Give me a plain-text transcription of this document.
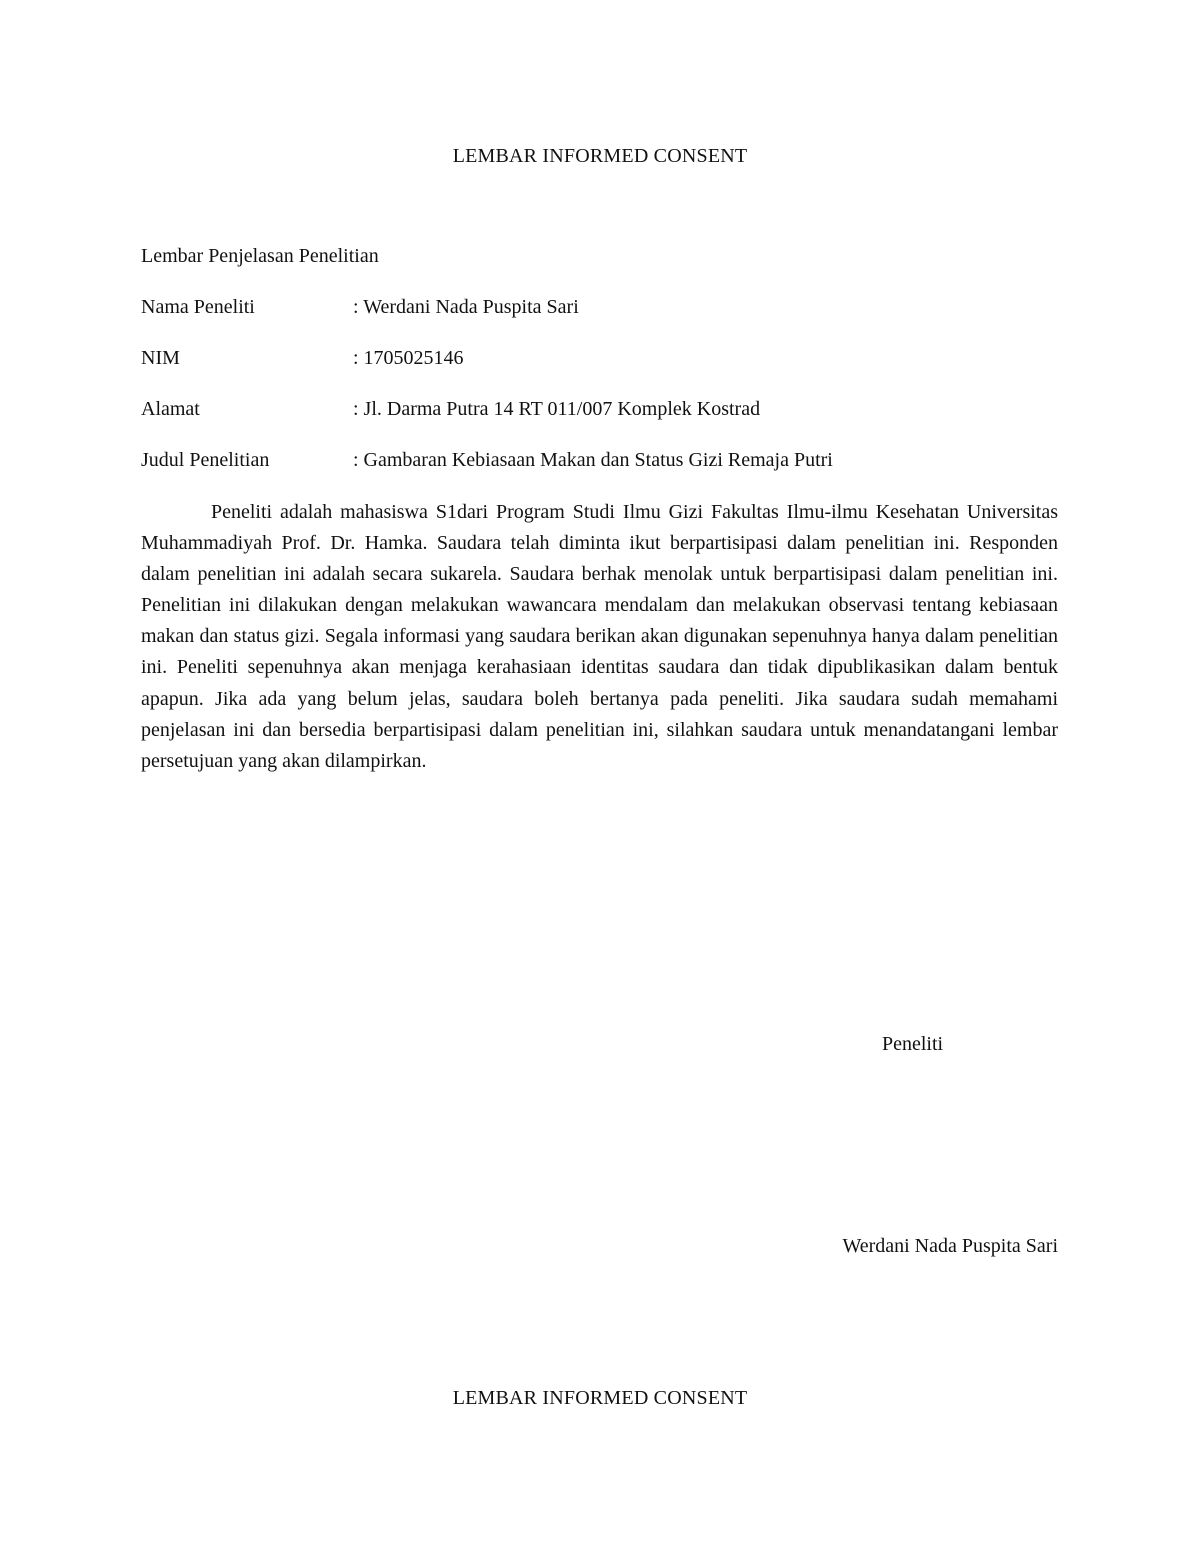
LEMBAR INFORMED CONSENT
Lembar Penjelasan Penelitian
Nama Peneliti	: Werdani Nada Puspita Sari
NIM	: 1705025146
Alamat	: Jl. Darma Putra 14 RT 011/007 Komplek Kostrad
Judul Penelitian	: Gambaran Kebiasaan Makan dan Status Gizi Remaja Putri

Peneliti adalah mahasiswa S1dari Program Studi Ilmu Gizi Fakultas Ilmu-ilmu Kesehatan Universitas Muhammadiyah Prof. Dr. Hamka. Saudara telah diminta ikut berpartisipasi dalam penelitian ini. Responden dalam penelitian ini adalah secara sukarela. Saudara berhak menolak untuk berpartisipasi dalam penelitian ini. Penelitian ini dilakukan dengan melakukan wawancara mendalam dan melakukan observasi tentang kebiasaan makan dan status gizi. Segala informasi yang saudara berikan akan digunakan sepenuhnya hanya dalam penelitian ini. Peneliti sepenuhnya akan menjaga kerahasiaan identitas saudara dan tidak dipublikasikan dalam bentuk apapun. Jika ada yang belum jelas, saudara boleh bertanya pada peneliti. Jika saudara sudah memahami penjelasan ini dan bersedia berpartisipasi dalam penelitian ini, silahkan saudara untuk menandatangani lembar persetujuan yang akan dilampirkan.

Peneliti
Werdani Nada Puspita Sari
LEMBAR INFORMED CONSENT
